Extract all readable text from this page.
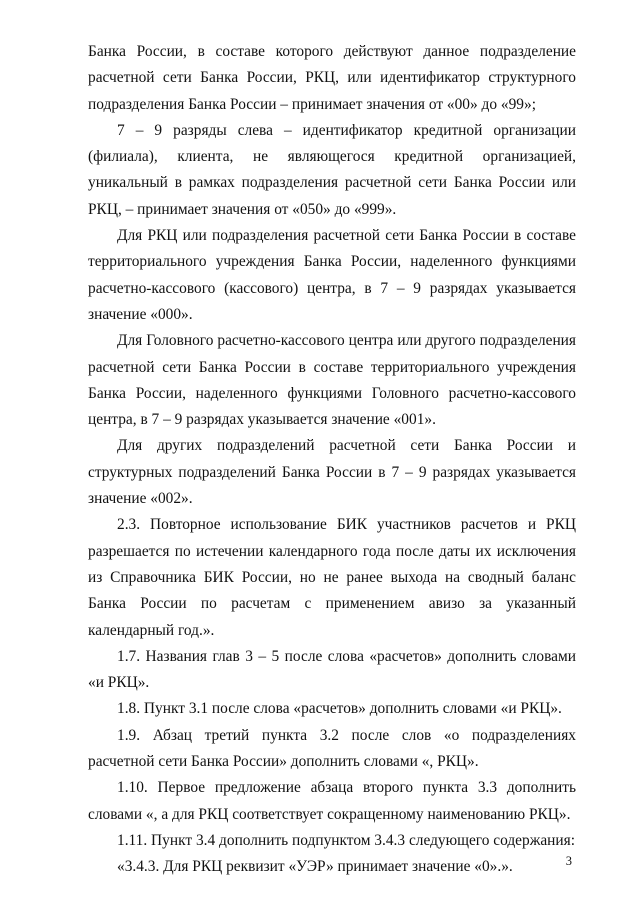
Банка России, в составе которого действуют данное подразделение расчетной сети Банка России, РКЦ, или идентификатор структурного подразделения Банка России – принимает значения от «00» до «99»;

7 – 9 разряды слева – идентификатор кредитной организации (филиала), клиента, не являющегося кредитной организацией, уникальный в рамках подразделения расчетной сети Банка России или РКЦ, – принимает значения от «050» до «999».

Для РКЦ или подразделения расчетной сети Банка России в составе территориального учреждения Банка России, наделенного функциями расчетно-кассового (кассового) центра, в 7 – 9 разрядах указывается значение «000».

Для Головного расчетно-кассового центра или другого подразделения расчетной сети Банка России в составе территориального учреждения Банка России, наделенного функциями Головного расчетно-кассового центра, в 7 – 9 разрядах указывается значение «001».

Для других подразделений расчетной сети Банка России и структурных подразделений Банка России в 7 – 9 разрядах указывается значение «002».

2.3. Повторное использование БИК участников расчетов и РКЦ разрешается по истечении календарного года после даты их исключения из Справочника БИК России, но не ранее выхода на сводный баланс Банка России по расчетам с применением авизо за указанный календарный год.».

1.7. Названия глав 3 – 5 после слова «расчетов» дополнить словами «и РКЦ».

1.8. Пункт 3.1 после слова «расчетов» дополнить словами «и РКЦ».

1.9. Абзац третий пункта 3.2 после слов «о подразделениях расчетной сети Банка России» дополнить словами «, РКЦ».

1.10. Первое предложение абзаца второго пункта 3.3 дополнить словами «, а для РКЦ соответствует сокращенному наименованию РКЦ».

1.11. Пункт 3.4 дополнить подпунктом 3.4.3 следующего содержания:

«3.4.3. Для РКЦ реквизит «УЭР» принимает значение «0».».	3
